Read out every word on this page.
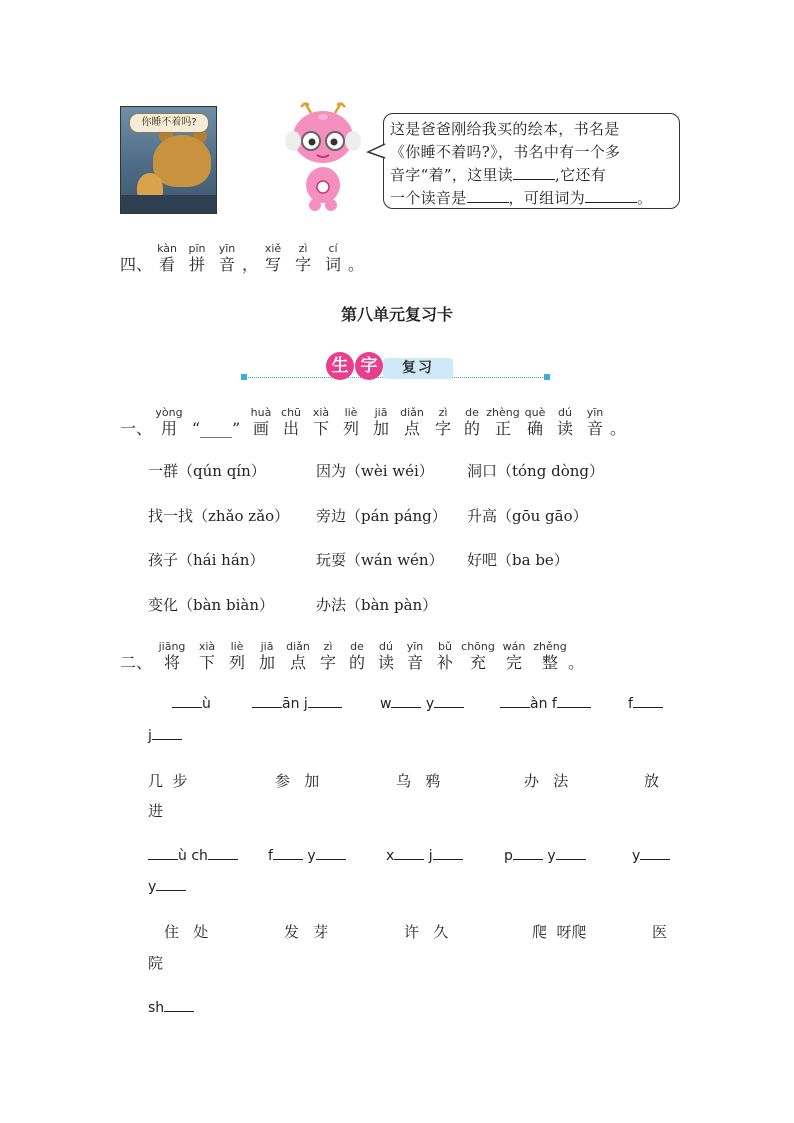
你睡不着吗?	这是爸爸刚给我买的绘本，书名是
《你睡不着吗?》，书名中有一个多
音字“着”，这里读	,它还有
一个读音是	，可组词为	。
四、
kàn
看
pīn
拼
yīn
音
，
xiě
写
zì
字
cí
词
。
第八单元复习卡
复习
生 字
一、
yòng
用
“____”
huà
画
chū
出
xià
下
liè
列
jiā
加
diǎn
点
zì
字
de
的
zhèng
正
què
确
dú
读
yīn
音
。
一群（qún qín）	因为（wèi wéi） 洞口（tóng dòng）
找一找（zhǎo zǎo） 旁边（pán páng） 升高（gōu gāo）
孩子（hái hán）	玩耍（wán wén） 好吧（ba be）
变化（bàn biàn）	办法（bàn pàn）
二、
jiāng
将
xià
下
liè
列
jiā
加
diǎn
点
zì
字
de
的
dú
读
yīn
音
bǔ
补
chōng
充
wán
完
zhěng
整
。
ù	ān j	w y	àn f	f
j
几  步	参   加	乌   鸦	办   法	放
进
ù ch	f y	x j	p y	y
y
住   处	发   芽	许   久	爬  呀爬	医
院
sh
